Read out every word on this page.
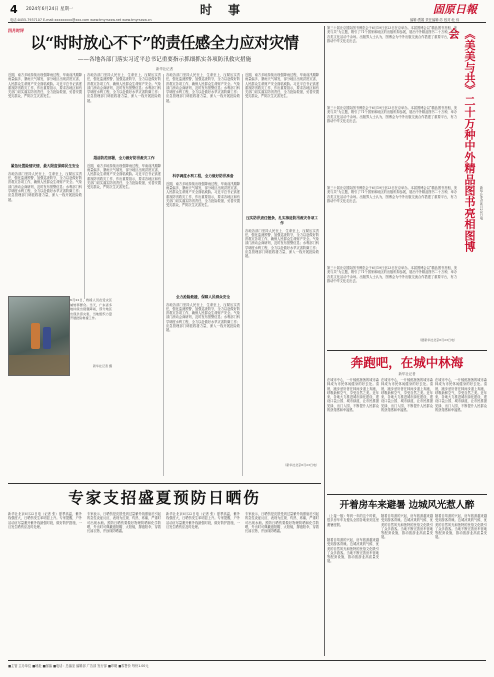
4 2024年6月24日 星期一	时　事	固原日報
电话:0455-7937107 E-mail:xxxxxxxxx@xxx.com www.tmyrsxsw.net www.tmyrsxsw.cn	编辑:贾娟 责任编辑:苏 校对:杜 伟
四月时评
以“时时放心不下”的责任感全力应对灾情
——各地各部门落实习近平总书记重要指示抓细抓实各项防汛救灾措施
新华社记者
近期，南方多地持续出现强降雨过程，华南前汛期降雨量偏多，暴雨天气频发，部分地区出现洪涝灾害，人民群众生命财产安全面临威胁。习近平总书记高度重视防汛救灾工作，作出重要指示，要求各地区和有关部门切实落实防汛责任，全力抢险救援，妥善安置受灾群众，严防次生灾害发生。
紧急处置险情灾情，最大限度保障民生安全
各地各部门坚持人民至上、生命至上，压紧压实责任，强化监测预警，加强巡查防守，全力以赴做好防汛救灾各项工作，确保人民群众生命财产安全。气象部门滚动会商研判，及时发布预警信息；水利部门科学调度水利工程，全力以赴做好水旱灾害防御工作；应急管理部门调派救援力量，深入一线开展抢险救援。
6月22日，救援人员在受灾区域转移群众。当天，广东省多地持续出现强降雨，部分地区出现洪涝灾害，当地组织力量开展抢险救援工作。
新华社记者 摄
各地各部门坚持人民至上、生命至上，压紧压实责任，强化监测预警，加强巡查防守，全力以赴做好防汛救灾各项工作，确保人民群众生命财产安全。气象部门滚动会商研判，及时发布预警信息；水利部门科学调度水利工程，全力以赴做好水旱灾害防御工作；应急管理部门调派救援力量，深入一线开展抢险救援。
超前防范部署，全力做好防汛救灾工作
近期，南方多地持续出现强降雨过程，华南前汛期降雨量偏多，暴雨天气频发，部分地区出现洪涝灾害，人民群众生命财产安全面临威胁。习近平总书记高度重视防汛救灾工作，作出重要指示，要求各地区和有关部门切实落实防汛责任，全力抢险救援，妥善安置受灾群众，严防次生灾害发生。
各地各部门坚持人民至上、生命至上，压紧压实责任，强化监测预警，加强巡查防守，全力以赴做好防汛救灾各项工作，确保人民群众生命财产安全。气象部门滚动会商研判，及时发布预警信息；水利部门科学调度水利工程，全力以赴做好水旱灾害防御工作；应急管理部门调派救援力量，深入一线开展抢险救援。
科学调度水利工程，全力做好防汛准备
近期，南方多地持续出现强降雨过程，华南前汛期降雨量偏多，暴雨天气频发，部分地区出现洪涝灾害，人民群众生命财产安全面临威胁。习近平总书记高度重视防汛救灾工作，作出重要指示，要求各地区和有关部门切实落实防汛责任，全力抢险救援，妥善安置受灾群众，严防次生灾害发生。
全力抢险救援，保障人民群众安全
各地各部门坚持人民至上、生命至上，压紧压实责任，强化监测预警，加强巡查防守，全力以赴做好防汛救灾各项工作，确保人民群众生命财产安全。气象部门滚动会商研判，及时发布预警信息；水利部门科学调度水利工程，全力以赴做好水旱灾害防御工作；应急管理部门调派救援力量，深入一线开展抢险救援。
近期，南方多地持续出现强降雨过程，华南前汛期降雨量偏多，暴雨天气频发，部分地区出现洪涝灾害，人民群众生命财产安全面临威胁。习近平总书记高度重视防汛救灾工作，作出重要指示，要求各地区和有关部门切实落实防汛责任，全力抢险救援，妥善安置受灾群众，严防次生灾害发生。
压实防汛责任链条，扎实推进防汛救灾各项工作
各地各部门坚持人民至上、生命至上，压紧压实责任，强化监测预警，加强巡查防守，全力以赴做好防汛救灾各项工作，确保人民群众生命财产安全。气象部门滚动会商研判，及时发布预警信息；水利部门科学调度水利工程，全力以赴做好水旱灾害防御工作；应急管理部门调派救援力量，深入一线开展抢险救援。
（新华社北京6月23日电）
专家支招盛夏预防日晒伤
新华社北京6月22日电（记者 张）夏季高温，紫外线强度大，日晒伤发生率明显上升。专家提醒，户外活动应尽量避开紫外线最强时段，做好防护措施，一旦发生晒伤应及时处理。
专家表示，日晒伤是皮肤受到过量紫外线照射后引起的急性炎症反应，表现为红斑、灼热、疼痛，严重时可出现水疱。预防日晒伤要做好物理防晒和化学防晒，外出时可佩戴遮阳帽、太阳镜，撑遮阳伞，穿着长袖衣物，并涂抹防晒霜。
新华社北京6月22日电（记者 张）夏季高温，紫外线强度大，日晒伤发生率明显上升。专家提醒，户外活动应尽量避开紫外线最强时段，做好防护措施，一旦发生晒伤应及时处理。
专家表示，日晒伤是皮肤受到过量紫外线照射后引起的急性炎症反应，表现为红斑、灼热、疼痛，严重时可出现水疱。预防日晒伤要做好物理防晒和化学防晒，外出时可佩戴遮阳帽、太阳镜，撑遮阳伞，穿着长袖衣物，并涂抹防晒霜。
第三十届北京国际图书博览会于6月19日至23日在京举办。本届图博会以“精品图书亮相，美美与共”为主题，吸引了71个国家和地区的出版机构参展，展出中外精品图书二十万种，举办各类文化活动千余场。出版界人士认为，图博会为中外出版交流合作搭建了重要平台，有力推动中华文化走出去。
第三十届北京国际图书博览会于6月19日至23日在京举办。本届图博会以“精品图书亮相，美美与共”为主题，吸引了71个国家和地区的出版机构参展，展出中外精品图书二十万种，举办各类文化活动千余场。出版界人士认为，图博会为中外出版交流合作搭建了重要平台，有力推动中华文化走出去。
第三十届北京国际图书博览会于6月19日至23日在京举办。本届图博会以“精品图书亮相，美美与共”为主题，吸引了71个国家和地区的出版机构参展，展出中外精品图书二十万种，举办各类文化活动千余场。出版界人士认为，图博会为中外出版交流合作搭建了重要平台，有力推动中华文化走出去。
第三十届北京国际图书博览会于6月19日至23日在京举办。本届图博会以“精品图书亮相，美美与共”为主题，吸引了71个国家和地区的出版机构参展，展出中外精品图书二十万种，举办各类文化活动千余场。出版界人士认为，图博会为中外出版交流合作搭建了重要平台，有力推动中华文化走出去。
（据新华社北京6月23日电）
《美美与共》二十万种中外精品图书亮相图博会
新华社北京6月23日电
奔跑吧，在城中林海
新华社记者
在城市中心，一片郁郁葱葱的城市森林成为市民休闲健身的好去处。清晨，跑步爱好者在林间步道上奔跑，呼吸新鲜空气，享受自然之美。近年来，各地大力推进城市绿化建设，建设口袋公园、城市绿道，让市民推窗见绿、出门入园，不断提升人民群众的获得感和幸福感。
在城市中心，一片郁郁葱葱的城市森林成为市民休闲健身的好去处。清晨，跑步爱好者在林间步道上奔跑，呼吸新鲜空气，享受自然之美。近年来，各地大力推进城市绿化建设，建设口袋公园、城市绿道，让市民推窗见绿、出门入园，不断提升人民群众的获得感和幸福感。
在城市中心，一片郁郁葱葱的城市森林成为市民休闲健身的好去处。清晨，跑步爱好者在林间步道上奔跑，呼吸新鲜空气，享受自然之美。近年来，各地大力推进城市绿化建设，建设口袋公园、城市绿道，让市民推窗见绿、出门入园，不断提升人民群众的获得感和幸福感。
开着房车来避暑 边城风光惹人醉
（上接一版）每到一年的这个时候，很多房车车友便从全国各地来到这里避暑度假。
随着自驾游的兴起，房车旅游越来越受到游客青睐。边城凉爽的气候、优美的自然风光和独特的民俗文化吸引了众多游客。当地不断完善房车营地等配套设施，推动旅游业高质量发展。
随着自驾游的兴起，房车旅游越来越受到游客青睐。边城凉爽的气候、优美的自然风光和独特的民俗文化吸引了众多游客。当地不断完善房车营地等配套设施，推动旅游业高质量发展。
随着自驾游的兴起，房车旅游越来越受到游客青睐。边城凉爽的气候、优美的自然风光和独特的民俗文化吸引了众多游客。当地不断完善房车营地等配套设施，推动旅游业高质量发展。
■主管 主办单位 ■地址 ■邮编 ■电话：总编室 编辑部 广告部 发行部 ■印刷 ■零售价 每份1.00元
